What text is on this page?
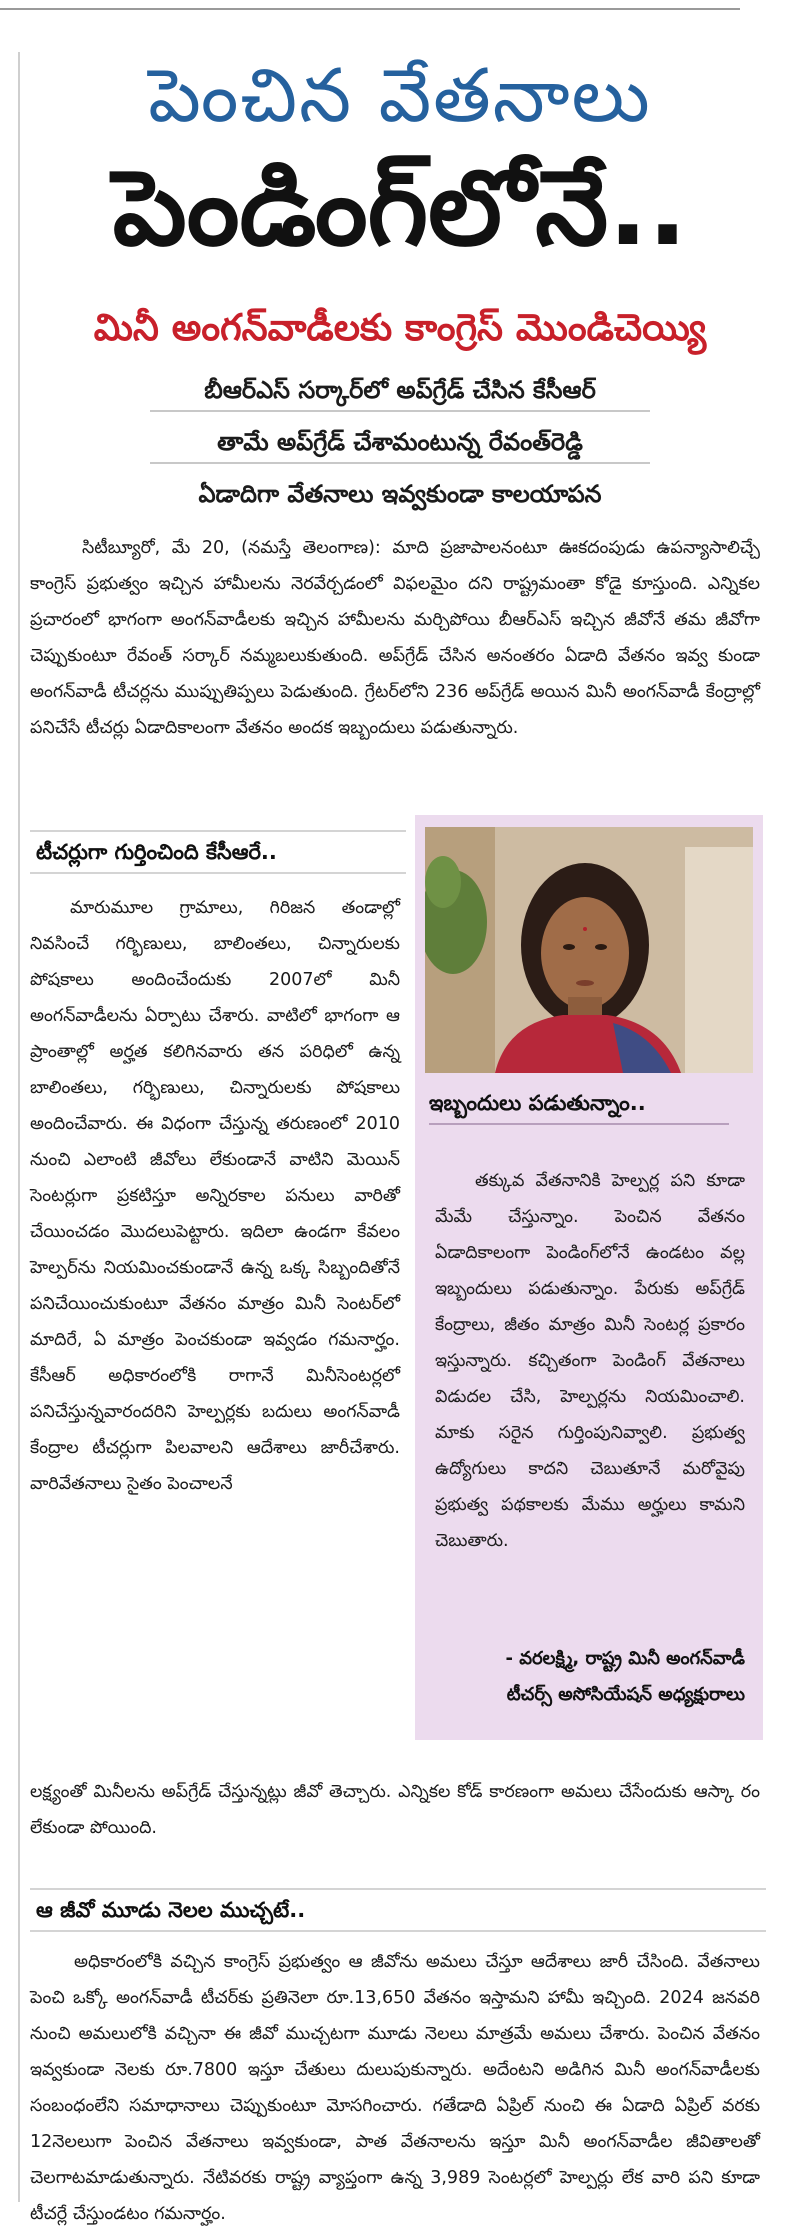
పెంచిన వేతనాలు
పెండింగ్‌లోనే..
మినీ అంగన్‌వాడీలకు కాంగ్రెస్ మొండిచెయ్యి
బీఆర్ఎస్ సర్కార్‌లో అప్‌గ్రేడ్ చేసిన కేసీఆర్
తామే అప్‌గ్రేడ్ చేశామంటున్న రేవంత్‌రెడ్డి
ఏడాదిగా వేతనాలు ఇవ్వకుండా కాలయాపన

సిటీబ్యూరో, మే 20, (నమస్తే తెలంగాణ): మాది ప్రజాపాలనంటూ ఊకదంపుడు ఉపన్యాసాలిచ్చే కాంగ్రెస్ ప్రభుత్వం ఇచ్చిన హామీలను నెరవేర్చడంలో విఫలమైం దని రాష్ట్రమంతా కోడై కూస్తుంది. ఎన్నికల ప్రచారంలో భాగంగా అంగన్‌వాడీలకు ఇచ్చిన హామీలను మర్చిపోయి బీఆర్ఎస్ ఇచ్చిన జీవోనే తమ జీవోగా చెప్పుకుంటూ రేవంత్ సర్కార్ నమ్మబలుకుతుంది. అప్‌గ్రేడ్ చేసిన అనంతరం ఏడాది వేతనం ఇవ్వ కుండా అంగన్‌వాడీ టీచర్లను ముప్పుతిప్పలు పెడుతుంది. గ్రేటర్‌లోని 236 అప్‌గ్రేడ్ అయిన మినీ అంగన్‌వాడీ కేంద్రాల్లో పనిచేసే టీచర్లు ఏడాదికాలంగా వేతనం అందక ఇబ్బందులు పడుతున్నారు.

టీచర్లుగా గుర్తించింది కేసీఆరే..

మారుమూల గ్రామాలు, గిరిజన తండాల్లో నివసించే గర్భిణులు, బాలింతలు, చిన్నారులకు పోషకాలు అందించేందుకు 2007లో మినీ అంగన్‌వాడీలను ఏర్పాటు చేశారు. వాటిలో భాగంగా ఆ ప్రాంతాల్లో అర్హత కలిగినవారు తన పరిధిలో ఉన్న బాలింతలు, గర్భిణులు, చిన్నారులకు పోషకాలు అందించేవారు. ఈ విధంగా చేస్తున్న తరుణంలో 2010 నుంచి ఎలాంటి జీవోలు లేకుండానే వాటిని మెయిన్ సెంటర్లుగా ప్రకటిస్తూ అన్నిరకాల పనులు వారితో చేయించడం మొదలుపెట్టారు. ఇదిలా ఉండగా కేవలం హెల్పర్‌ను నియమించకుండానే ఉన్న ఒక్క సిబ్బందితోనే పనిచేయించుకుంటూ వేతనం మాత్రం మినీ సెంటర్‌లో మాదిరే, ఏ మాత్రం పెంచకుండా ఇవ్వడం గమనార్హం. కేసీఆర్ అధికారంలోకి రాగానే మినీసెంటర్లలో పనిచేస్తున్నవారందరిని హెల్పర్లకు బదులు అంగన్‌వాడీ కేంద్రాల టీచర్లుగా పిలవాలని ఆదేశాలు జారీచేశారు. వారివేతనాలు సైతం పెంచాలనే

ఇబ్బందులు పడుతున్నాం..

తక్కువ వేతనానికి హెల్పర్ల పని కూడా మేమే చేస్తున్నాం. పెంచిన వేతనం ఏడాదికాలంగా పెండింగ్‌లోనే ఉండటం వల్ల ఇబ్బందులు పడుతున్నాం. పేరుకు అప్‌గ్రేడ్ కేంద్రాలు, జీతం మాత్రం మినీ సెంటర్ల ప్రకారం ఇస్తున్నారు. కచ్చితంగా పెండింగ్ వేతనాలు విడుదల చేసి, హెల్పర్లను నియమించాలి. మాకు సరైన గుర్తింపునివ్వాలి. ప్రభుత్వ ఉద్యోగులు కాదని చెబుతూనే మరోవైపు ప్రభుత్వ పథకాలకు మేము అర్హులు కామని చెబుతారు.

- వరలక్ష్మి, రాష్ట్ర మినీ అంగన్‌వాడీ
టీచర్స్ అసోసియేషన్ అధ్యక్షురాలు

లక్ష్యంతో మినీలను అప్‌గ్రేడ్ చేస్తున్నట్లు జీవో తెచ్చారు. ఎన్నికల కోడ్ కారణంగా అమలు చేసేందుకు ఆస్కా రం లేకుండా పోయింది.

ఆ జీవో మూడు నెలల ముచ్చటే..

అధికారంలోకి వచ్చిన కాంగ్రెస్ ప్రభుత్వం ఆ జీవోను అమలు చేస్తూ ఆదేశాలు జారీ చేసింది. వేతనాలు పెంచి ఒక్కో అంగన్‌వాడీ టీచర్‌కు ప్రతినెలా రూ.13,650 వేతనం ఇస్తామని హామీ ఇచ్చింది. 2024 జనవరి నుంచి అమలులోకి వచ్చినా ఈ జీవో ముచ్చటగా మూడు నెలలు మాత్రమే అమలు చేశారు. పెంచిన వేతనం ఇవ్వకుండా నెలకు రూ.7800 ఇస్తూ చేతులు దులుపుకున్నారు. అదేంటని అడిగిన మినీ అంగన్‌వాడీలకు సంబంధంలేని సమాధానాలు చెప్పుకుంటూ మోసగించారు. గతేడాది ఏప్రిల్ నుంచి ఈ ఏడాది ఏప్రిల్ వరకు 12నెలలుగా పెంచిన వేతనాలు ఇవ్వకుండా, పాత వేతనాలను ఇస్తూ మినీ అంగన్‌వాడీల జీవితాలతో చెలగాటమాడుతున్నారు. నేటివరకు రాష్ట్ర వ్యాప్తంగా ఉన్న 3,989 సెంటర్లలో హెల్పర్లు లేక వారి పని కూడా టీచర్లే చేస్తుండటం గమనార్హం.
